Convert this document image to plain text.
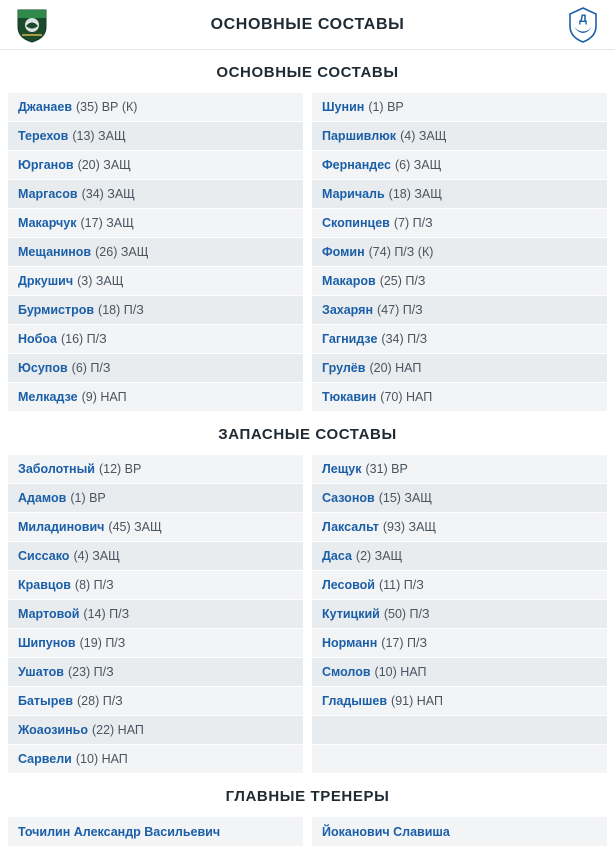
ОСНОВНЫЕ СОСТАВЫ	Д
ОСНОВНЫЕ СОСТАВЫ
Джанаев (35) ВР (К)
Терехов (13) ЗАЩ
Юрганов (20) ЗАЩ
Маргасов (34) ЗАЩ
Макарчук (17) ЗАЩ
Мещанинов (26) ЗАЩ
Дркушич (3) ЗАЩ
Бурмистров (18) П/З
Нобоа (16) П/З
Юсупов (6) П/З
Мелкадзе (9) НАП
Шунин (1) ВР
Паршивлюк (4) ЗАЩ
Фернандес (6) ЗАЩ
Маричаль (18) ЗАЩ
Скопинцев (7) П/З
Фомин (74) П/З (К)
Макаров (25) П/З
Захарян (47) П/З
Гагнидзе (34) П/З
Грулёв (20) НАП
Тюкавин (70) НАП
ЗАПАСНЫЕ СОСТАВЫ
Заболотный (12) ВР
Адамов (1) ВР
Миладинович (45) ЗАЩ
Сиссако (4) ЗАЩ
Кравцов (8) П/З
Мартовой (14) П/З
Шипунов (19) П/З
Ушатов (23) П/З
Батырев (28) П/З
Жоаозиньо (22) НАП
Сарвели (10) НАП
Лещук (31) ВР
Сазонов (15) ЗАЩ
Лаксальт (93) ЗАЩ
Даса (2) ЗАЩ
Лесовой (11) П/З
Кутицкий (50) П/З
Норманн (17) П/З
Смолов (10) НАП
Гладышев (91) НАП
ГЛАВНЫЕ ТРЕНЕРЫ
Точилин Александр Васильевич	Йоканович Славиша
